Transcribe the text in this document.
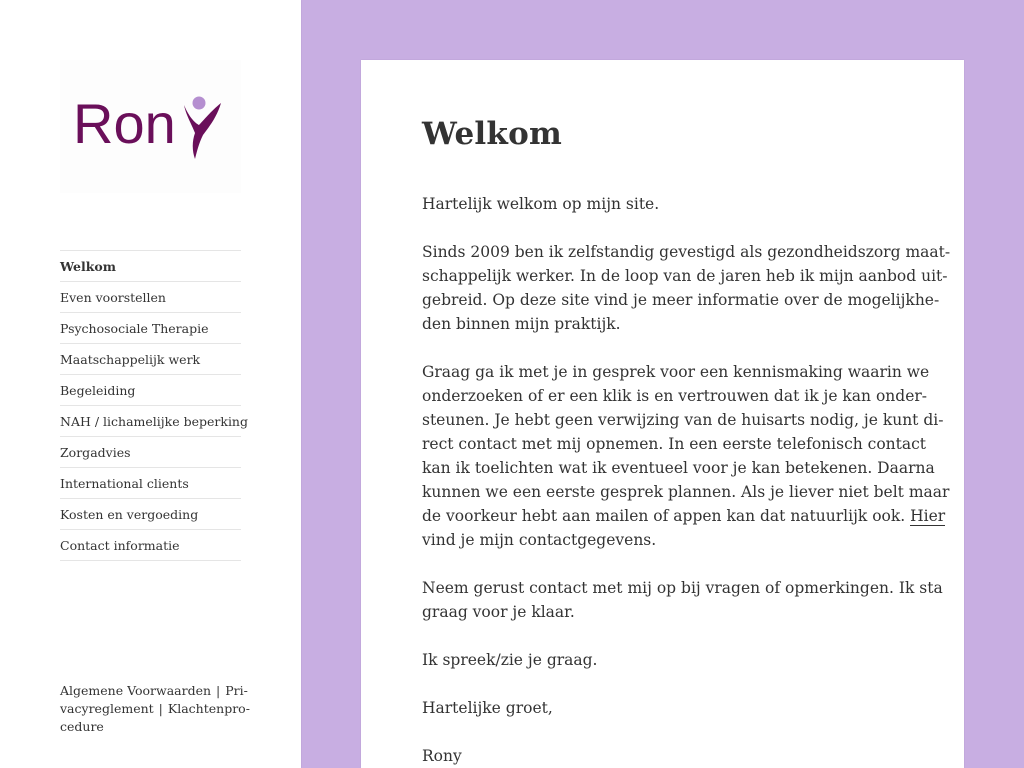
Ron
Welkom
Even voorstellen
Psychosociale Therapie
Maatschappelijk werk
Begeleiding
NAH / lichamelijke beperking
Zorgadvies
International clients
Kosten en vergoeding
Contact informatie
Algemene Voorwaarden | Pri-
vacyreglement | Klachtenpro-
cedure
Welkom

Hartelijk welkom op mijn site.

Sinds 2009 ben ik zelfstandig gevestigd als gezondheidszorg maat-
schappelijk werker. In de loop van de jaren heb ik mijn aanbod uit-
gebreid. Op deze site vind je meer informatie over de mogelijkhe-
den binnen mijn praktijk.

Graag ga ik met je in gesprek voor een kennismaking waarin we
onderzoeken of er een klik is en vertrouwen dat ik je kan onder-
steunen. Je hebt geen verwijzing van de huisarts nodig, je kunt di-
rect contact met mij opnemen. In een eerste telefonisch contact
kan ik toelichten wat ik eventueel voor je kan betekenen. Daarna
kunnen we een eerste gesprek plannen. Als je liever niet belt maar
de voorkeur hebt aan mailen of appen kan dat natuurlijk ook. Hier
vind je mijn contactgegevens.

Neem gerust contact met mij op bij vragen of opmerkingen. Ik sta
graag voor je klaar.

Ik spreek/zie je graag.

Hartelijke groet,

Rony
